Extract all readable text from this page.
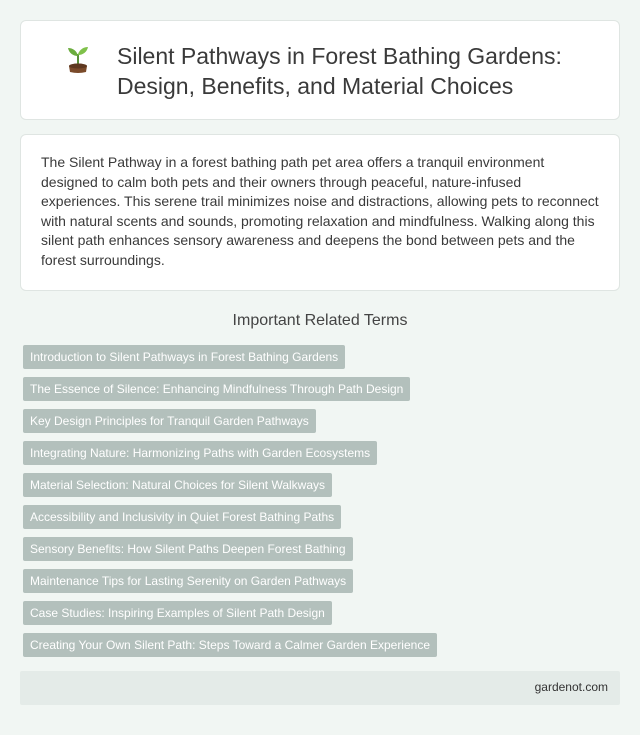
Silent Pathways in Forest Bathing Gardens: Design, Benefits, and Material Choices

The Silent Pathway in a forest bathing path pet area offers a tranquil environment designed to calm both pets and their owners through peaceful, nature-infused experiences. This serene trail minimizes noise and distractions, allowing pets to reconnect with natural scents and sounds, promoting relaxation and mindfulness. Walking along this silent path enhances sensory awareness and deepens the bond between pets and the forest surroundings.

Important Related Terms
Introduction to Silent Pathways in Forest Bathing Gardens
The Essence of Silence: Enhancing Mindfulness Through Path Design
Key Design Principles for Tranquil Garden Pathways
Integrating Nature: Harmonizing Paths with Garden Ecosystems
Material Selection: Natural Choices for Silent Walkways
Accessibility and Inclusivity in Quiet Forest Bathing Paths
Sensory Benefits: How Silent Paths Deepen Forest Bathing
Maintenance Tips for Lasting Serenity on Garden Pathways
Case Studies: Inspiring Examples of Silent Path Design
Creating Your Own Silent Path: Steps Toward a Calmer Garden Experience
gardenot.com
